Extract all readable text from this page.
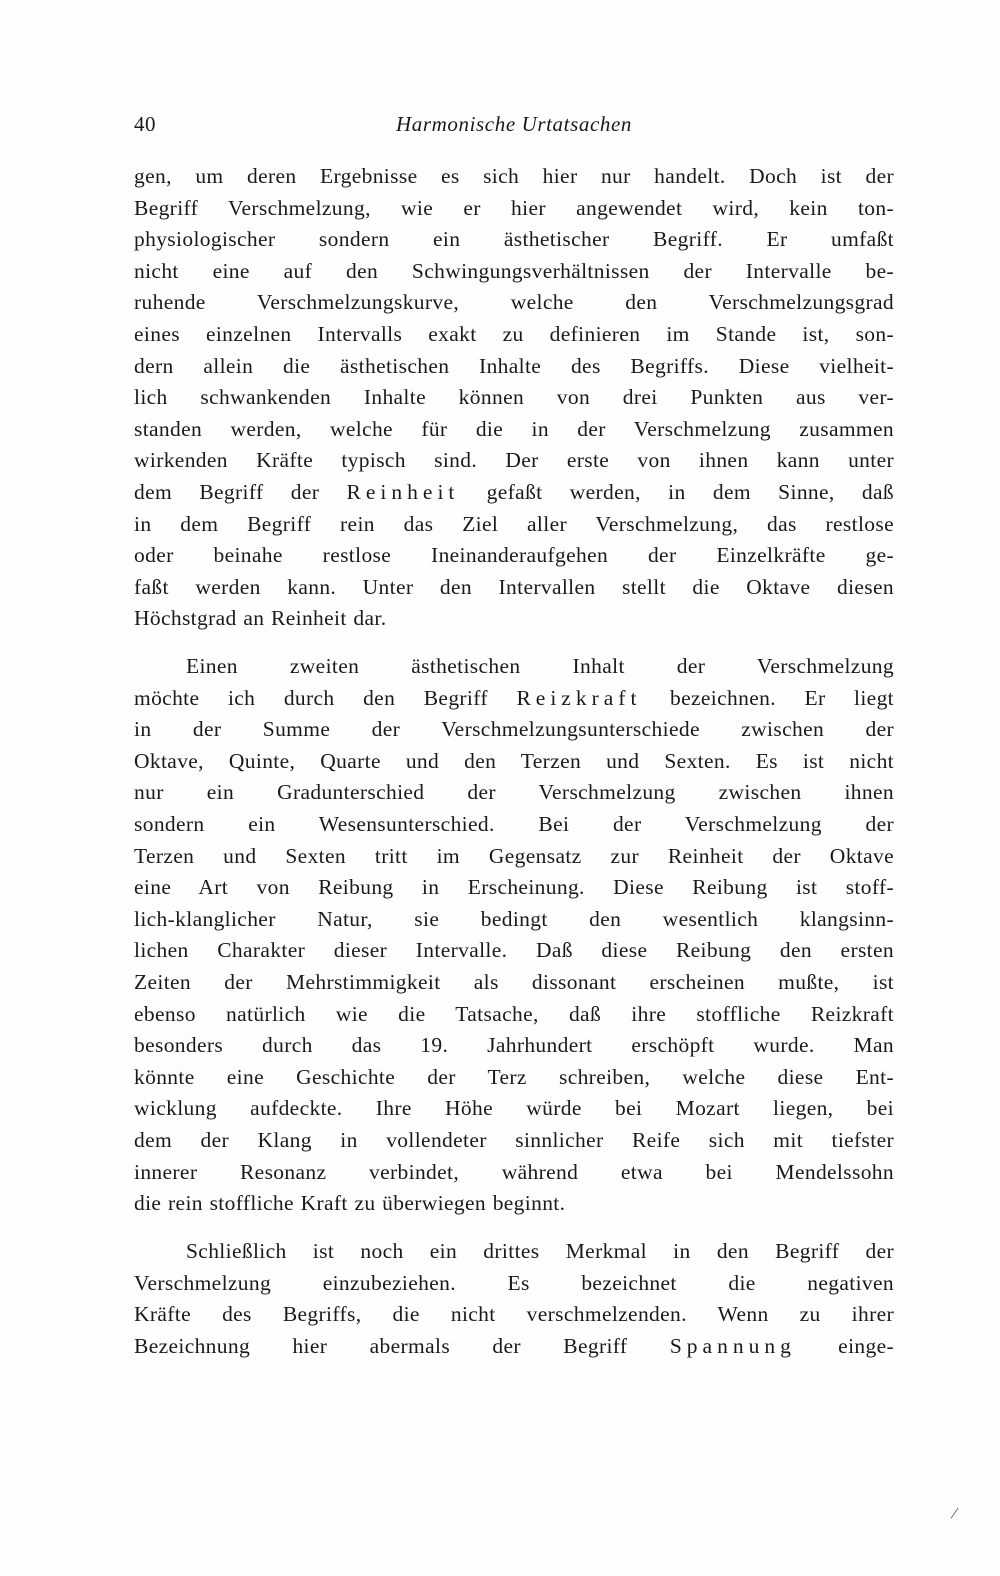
40	Harmonische Urtatsachen
gen, um deren Ergebnisse es sich hier nur handelt. Doch ist der
Begriff Verschmelzung, wie er hier angewendet wird, kein ton-
physiologischer sondern ein ästhetischer Begriff. Er umfaßt
nicht eine auf den Schwingungsverhältnissen der Intervalle be-
ruhende Verschmelzungskurve, welche den Verschmelzungsgrad
eines einzelnen Intervalls exakt zu definieren im Stande ist, son-
dern allein die ästhetischen Inhalte des Begriffs. Diese vielheit-
lich schwankenden Inhalte können von drei Punkten aus ver-
standen werden, welche für die in der Verschmelzung zusammen
wirkenden Kräfte typisch sind. Der erste von ihnen kann unter
dem Begriff der Reinheit gefaßt werden, in dem Sinne, daß
in dem Begriff rein das Ziel aller Verschmelzung, das restlose
oder beinahe restlose Ineinanderaufgehen der Einzelkräfte ge-
faßt werden kann. Unter den Intervallen stellt die Oktave diesen
Höchstgrad an Reinheit dar.
Einen zweiten ästhetischen Inhalt der Verschmelzung
möchte ich durch den Begriff Reizkraft bezeichnen. Er liegt
in der Summe der Verschmelzungsunterschiede zwischen der
Oktave, Quinte, Quarte und den Terzen und Sexten. Es ist nicht
nur ein Gradunterschied der Verschmelzung zwischen ihnen
sondern ein Wesensunterschied. Bei der Verschmelzung der
Terzen und Sexten tritt im Gegensatz zur Reinheit der Oktave
eine Art von Reibung in Erscheinung. Diese Reibung ist stoff-
lich-klanglicher Natur, sie bedingt den wesentlich klangsinn-
lichen Charakter dieser Intervalle. Daß diese Reibung den ersten
Zeiten der Mehrstimmigkeit als dissonant erscheinen mußte, ist
ebenso natürlich wie die Tatsache, daß ihre stoffliche Reizkraft
besonders durch das 19. Jahrhundert erschöpft wurde. Man
könnte eine Geschichte der Terz schreiben, welche diese Ent-
wicklung aufdeckte. Ihre Höhe würde bei Mozart liegen, bei
dem der Klang in vollendeter sinnlicher Reife sich mit tiefster
innerer Resonanz verbindet, während etwa bei Mendelssohn
die rein stoffliche Kraft zu überwiegen beginnt.
Schließlich ist noch ein drittes Merkmal in den Begriff der
Verschmelzung einzubeziehen. Es bezeichnet die negativen
Kräfte des Begriffs, die nicht verschmelzenden. Wenn zu ihrer
Bezeichnung hier abermals der Begriff Spannung einge-
/
